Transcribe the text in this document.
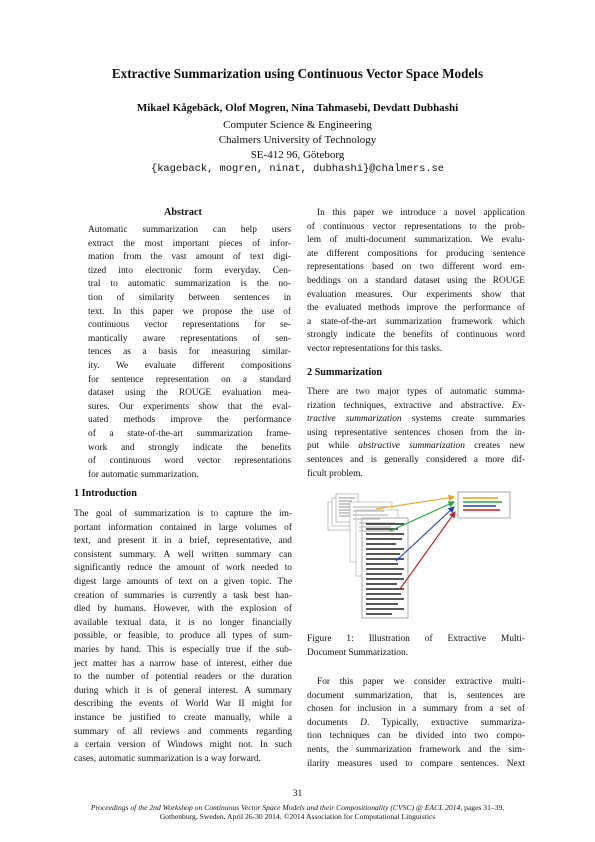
Extractive Summarization using Continuous Vector Space Models
Mikael Kågebäck, Olof Mogren, Nina Tahmasebi, Devdatt Dubhashi
Computer Science & Engineering
Chalmers University of Technology
SE-412 96, Göteborg
{kageback, mogren, ninat, dubhashi}@chalmers.se
Abstract
Automatic summarization can help users
extract the most important pieces of infor-
mation from the vast amount of text digi-
tized into electronic form everyday. Cen-
tral to automatic summarization is the no-
tion of similarity between sentences in
text. In this paper we propose the use of
continuous vector representations for se-
mantically aware representations of sen-
tences as a basis for measuring similar-
ity. We evaluate different compositions
for sentence representation on a standard
dataset using the ROUGE evaluation mea-
sures. Our experiments show that the eval-
uated methods improve the performance
of a state-of-the-art summarization frame-
work and strongly indicate the benefits
of continuous word vector representations
for automatic summarization.
1 Introduction
The goal of summarization is to capture the im-
portant information contained in large volumes of
text, and present it in a brief, representative, and
consistent summary. A well written summary can
significantly reduce the amount of work needed to
digest large amounts of text on a given topic. The
creation of summaries is currently a task best han-
dled by humans. However, with the explosion of
available textual data, it is no longer financially
possible, or feasible, to produce all types of sum-
maries by hand. This is especially true if the sub-
ject matter has a narrow base of interest, either due
to the number of potential readers or the duration
during which it is of general interest. A summary
describing the events of World War II might for
instance be justified to create manually, while a
summary of all reviews and comments regarding
a certain version of Windows might not. In such
cases, automatic summarization is a way forward.
In this paper we introduce a novel application
of continuous vector representations to the prob-
lem of multi-document summarization. We evalu-
ate different compositions for producing sentence
representations based on two different word em-
beddings on a standard dataset using the ROUGE
evaluation measures. Our experiments show that
the evaluated methods improve the performance of
a state-of-the-art summarization framework which
strongly indicate the benefits of continuous word
vector representations for this tasks.
2 Summarization
There are two major types of automatic summa-
rization techniques, extractive and abstractive. Ex-
tractive summarization systems create summaries
using representative sentences chosen from the in-
put while abstractive summarization creates new
sentences and is generally considered a more dif-
ficult problem.
Figure 1: Illustration of Extractive Multi-
Document Summarization.
For this paper we consider extractive multi-
document summarization, that is, sentences are
chosen for inclusion in a summary from a set of
documents D. Typically, extractive summariza-
tion techniques can be divided into two compo-
nents, the summarization framework and the sim-
ilarity measures used to compare sentences. Next
31
Proceedings of the 2nd Workshop on Continuous Vector Space Models and their Compositionality (CVSC) @ EACL 2014, pages 31–39,
Gothenburg, Sweden, April 26-30 2014. ©2014 Association for Computational Linguistics
